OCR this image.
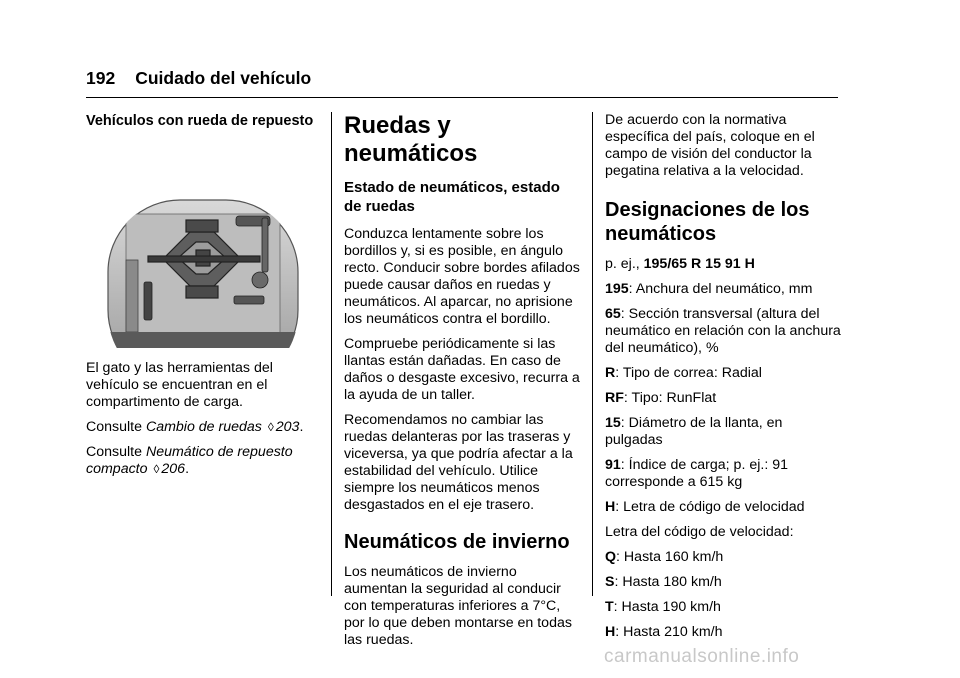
192 Cuidado del vehículo
Vehículos con rueda de repuesto

El gato y las herramientas del vehículo se encuentran en el compartimento de carga.

Consulte Cambio de ruedas ◊ 203.

Consulte Neumático de repuesto compacto ◊ 206.

Ruedas y neumáticos
Estado de neumáticos, estado de ruedas

Conduzca lentamente sobre los bordillos y, si es posible, en ángulo recto. Conducir sobre bordes afilados puede causar daños en ruedas y neumáticos. Al aparcar, no aprisione los neumáticos contra el bordillo.

Compruebe periódicamente si las llantas están dañadas. En caso de daños o desgaste excesivo, recurra a la ayuda de un taller.

Recomendamos no cambiar las ruedas delanteras por las traseras y viceversa, ya que podría afectar a la estabilidad del vehículo. Utilice siempre los neumáticos menos desgastados en el eje trasero.

Neumáticos de invierno

Los neumáticos de invierno aumentan la seguridad al conducir con temperaturas inferiores a 7°C, por lo que deben montarse en todas las ruedas.

De acuerdo con la normativa específica del país, coloque en el campo de visión del conductor la pegatina relativa a la velocidad.

Designaciones de los neumáticos

p. ej., 195/65 R 15 91 H

195: Anchura del neumático, mm

65: Sección transversal (altura del neumático en relación con la anchura del neumático), %

R: Tipo de correa: Radial

RF: Tipo: RunFlat

15: Diámetro de la llanta, en pulgadas

91: Índice de carga; p. ej.: 91 corresponde a 615 kg

H: Letra de código de velocidad

Letra del código de velocidad:

Q: Hasta 160 km/h

S: Hasta 180 km/h

T: Hasta 190 km/h

H: Hasta 210 km/h

carmanualsonline.info
